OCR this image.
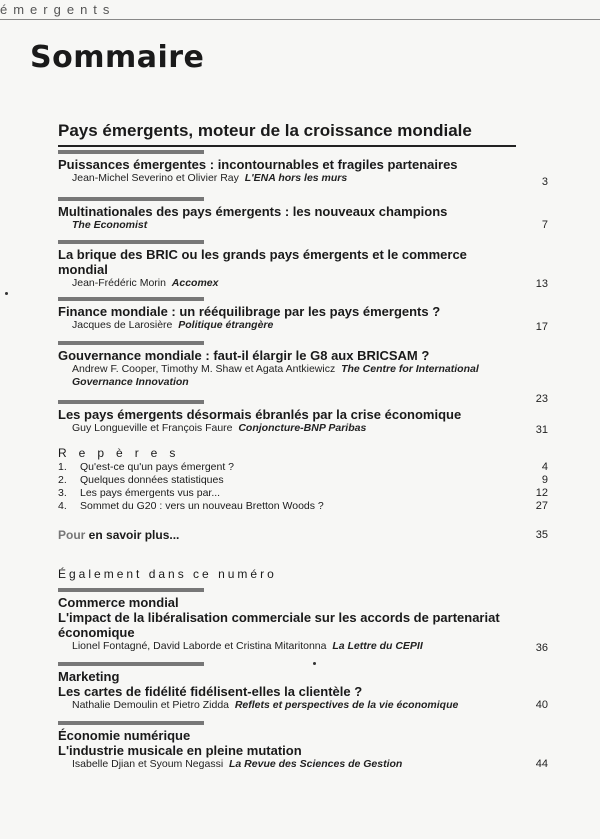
émergents
Sommaire
Pays émergents, moteur de la croissance mondiale
Puissances émergentes : incontournables et fragiles partenaires
Jean-Michel Severino et Olivier Ray L'ENA hors les murs	3
Multinationales des pays émergents : les nouveaux champions
The Economist	7
La brique des BRIC ou les grands pays émergents et le commerce mondial
Jean-Frédéric Morin Accomex	13
Finance mondiale : un rééquilibrage par les pays émergents ?
Jacques de Larosière Politique étrangère	17
Gouvernance mondiale : faut-il élargir le G8 aux BRICSAM ?
Andrew F. Cooper, Timothy M. Shaw et Agata Antkiewicz The Centre for International Governance Innovation
23
Les pays émergents désormais ébranlés par la crise économique
Guy Longueville et François Faure Conjoncture-BNP Paribas	31
Repères
1. Qu'est-ce qu'un pays émergent ?	4
2. Quelques données statistiques	9
3. Les pays émergents vus par...	12
4. Sommet du G20 : vers un nouveau Bretton Woods ?	27
Pour en savoir plus...	35
Également dans ce numéro
Commerce mondial
L'impact de la libéralisation commerciale sur les accords de partenariat économique
Lionel Fontagné, David Laborde et Cristina Mitaritonna La Lettre du CEPII	36
Marketing
Les cartes de fidélité fidélisent-elles la clientèle ?
Nathalie Demoulin et Pietro Zidda Reflets et perspectives de la vie économique	40
Économie numérique
L'industrie musicale en pleine mutation
Isabelle Djian et Syoum Negassi La Revue des Sciences de Gestion	44
